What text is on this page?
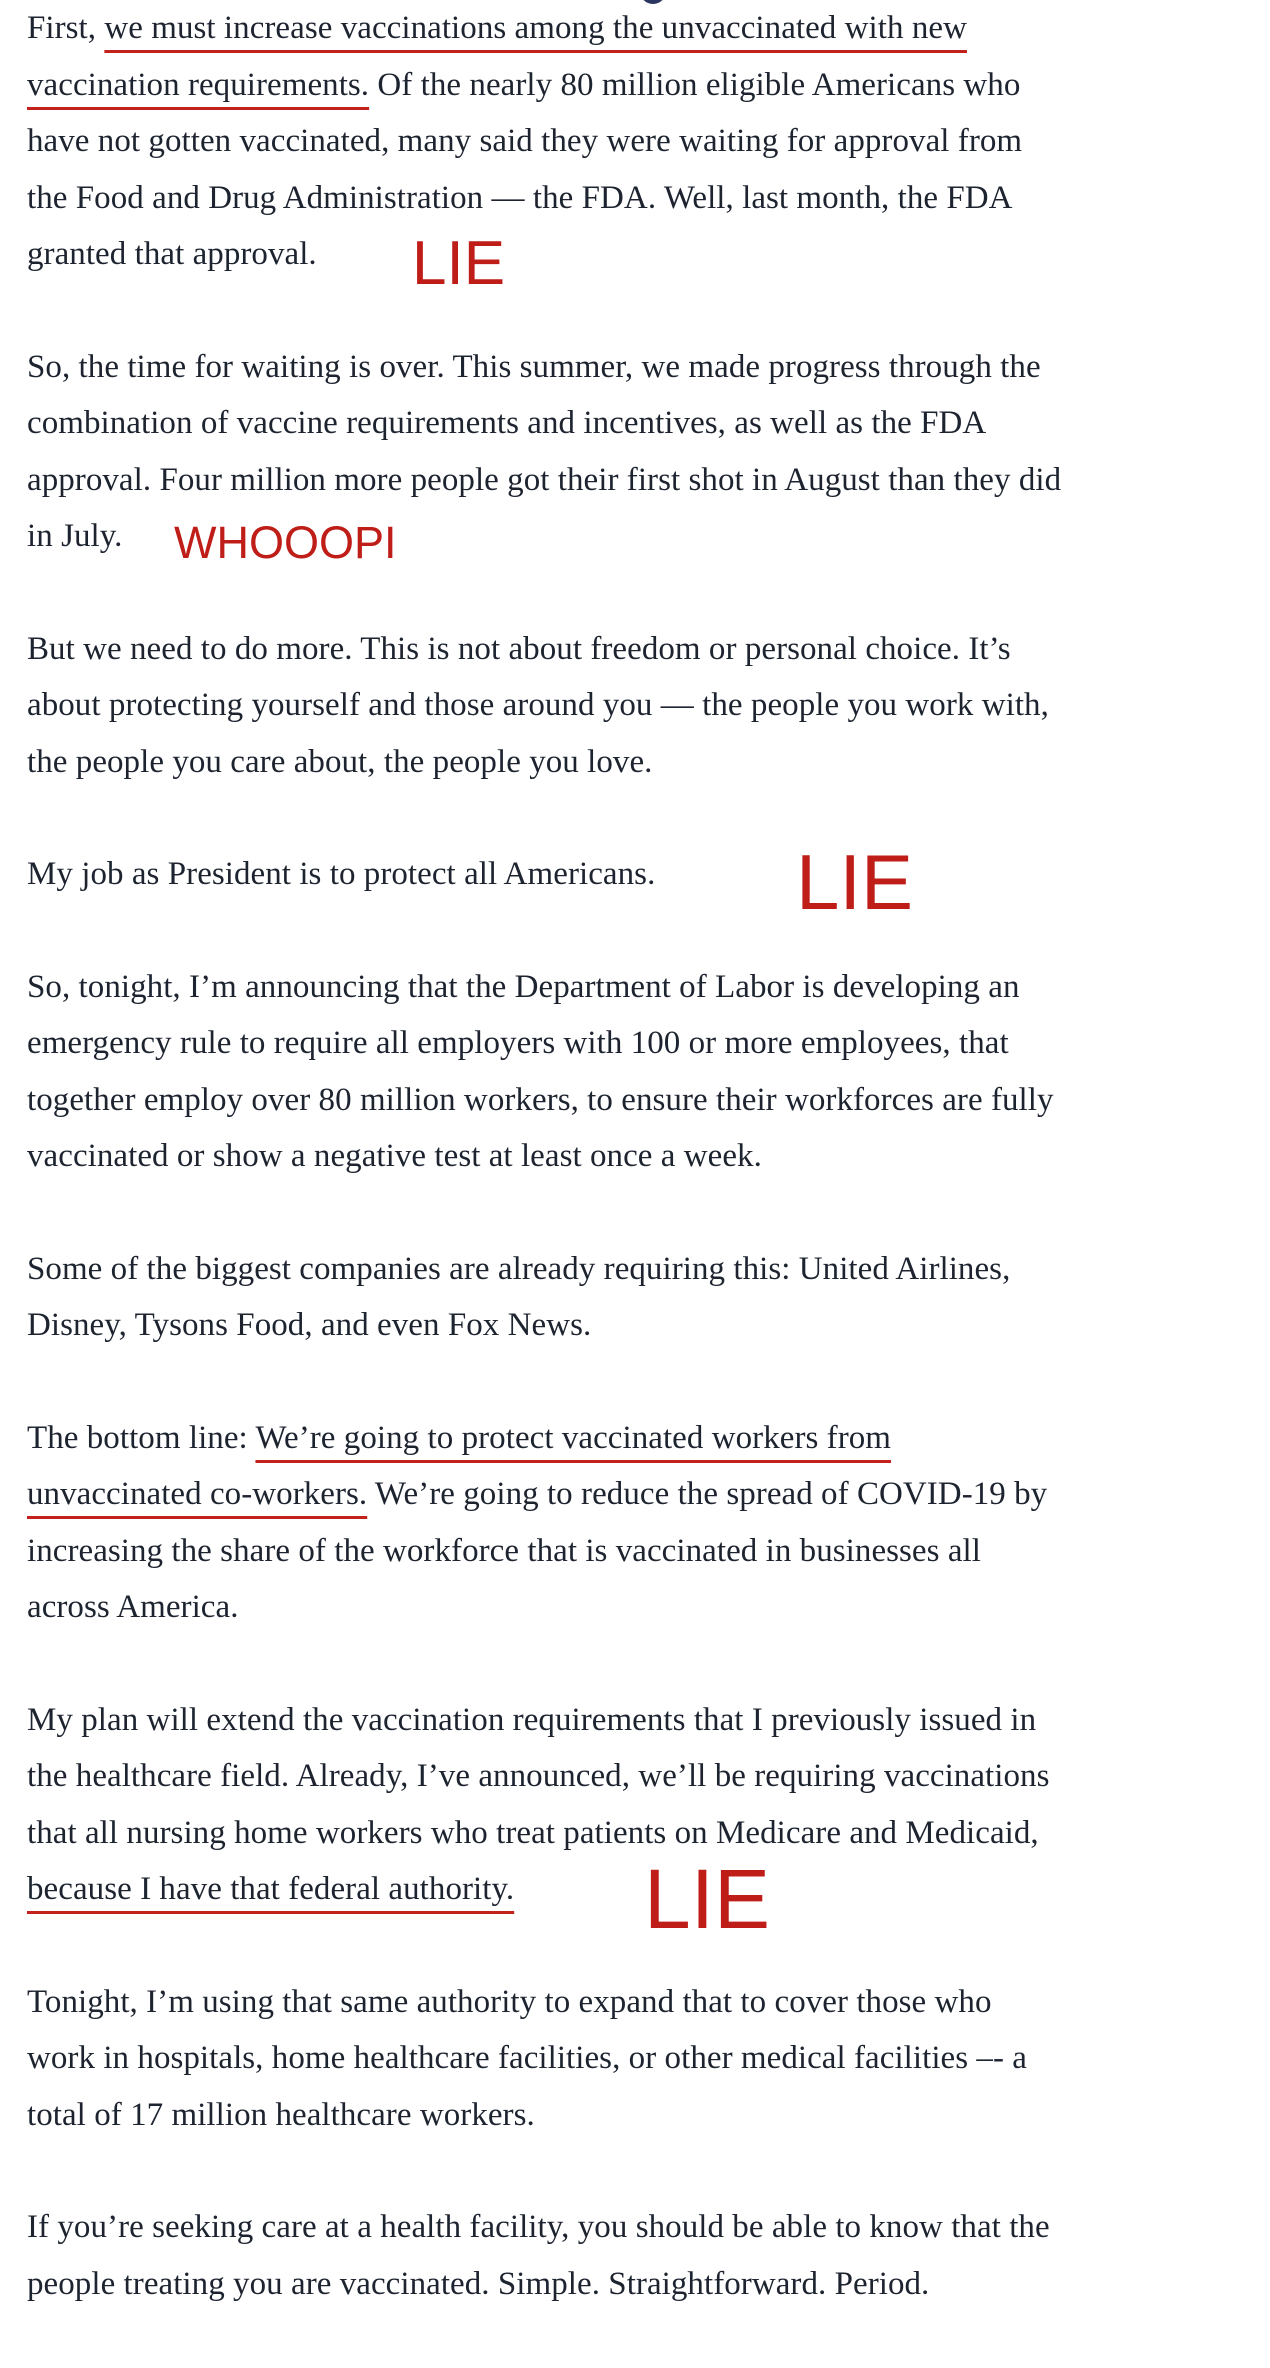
First, we must increase vaccinations among the unvaccinated with new
vaccination requirements. Of the nearly 80 million eligible Americans who
have not gotten vaccinated, many said they were waiting for approval from
the Food and Drug Administration — the FDA. Well, last month, the FDA
granted that approval.

So, the time for waiting is over. This summer, we made progress through the
combination of vaccine requirements and incentives, as well as the FDA
approval. Four million more people got their first shot in August than they did
in July.

But we need to do more. This is not about freedom or personal choice. It’s
about protecting yourself and those around you — the people you work with,
the people you care about, the people you love.

My job as President is to protect all Americans.

So, tonight, I’m announcing that the Department of Labor is developing an
emergency rule to require all employers with 100 or more employees, that
together employ over 80 million workers, to ensure their workforces are fully
vaccinated or show a negative test at least once a week.

Some of the biggest companies are already requiring this: United Airlines,
Disney, Tysons Food, and even Fox News.

The bottom line: We’re going to protect vaccinated workers from
unvaccinated co-workers. We’re going to reduce the spread of COVID-19 by
increasing the share of the workforce that is vaccinated in businesses all
across America.

My plan will extend the vaccination requirements that I previously issued in
the healthcare field. Already, I’ve announced, we’ll be requiring vaccinations
that all nursing home workers who treat patients on Medicare and Medicaid,
because I have that federal authority.

Tonight, I’m using that same authority to expand that to cover those who
work in hospitals, home healthcare facilities, or other medical facilities –- a
total of 17 million healthcare workers.

If you’re seeking care at a health facility, you should be able to know that the
people treating you are vaccinated. Simple. Straightforward. Period.

LIE
WHOOOPI
LIE
LIE
